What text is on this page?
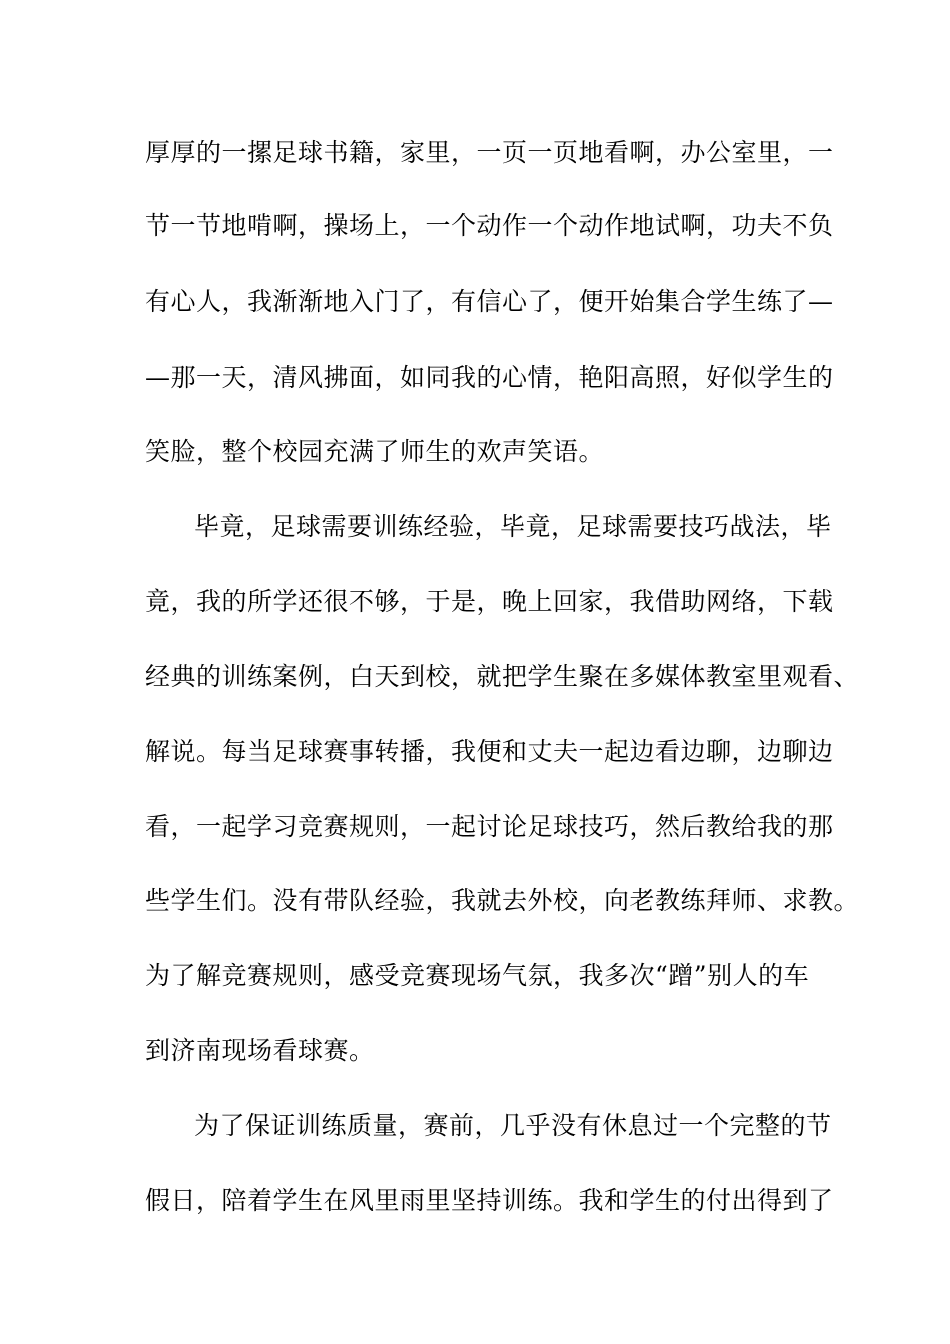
厚厚的一摞足球书籍，家里，一页一页地看啊，办公室里，一
节一节地啃啊，操场上，一个动作一个动作地试啊，功夫不负
有心人，我渐渐地入门了，有信心了，便开始集合学生练了—
—那一天，清风拂面，如同我的心情，艳阳高照，好似学生的
笑脸，整个校园充满了师生的欢声笑语。
毕竟，足球需要训练经验，毕竟，足球需要技巧战法，毕
竟，我的所学还很不够，于是，晚上回家，我借助网络，下载
经典的训练案例，白天到校，就把学生聚在多媒体教室里观看、
解说。每当足球赛事转播，我便和丈夫一起边看边聊，边聊边
看，一起学习竞赛规则，一起讨论足球技巧，然后教给我的那
些学生们。没有带队经验，我就去外校，向老教练拜师、求教。
为了解竞赛规则，感受竞赛现场气氛，我多次“蹭”别人的车
到济南现场看球赛。
为了保证训练质量，赛前，几乎没有休息过一个完整的节
假日，陪着学生在风里雨里坚持训练。我和学生的付出得到了
